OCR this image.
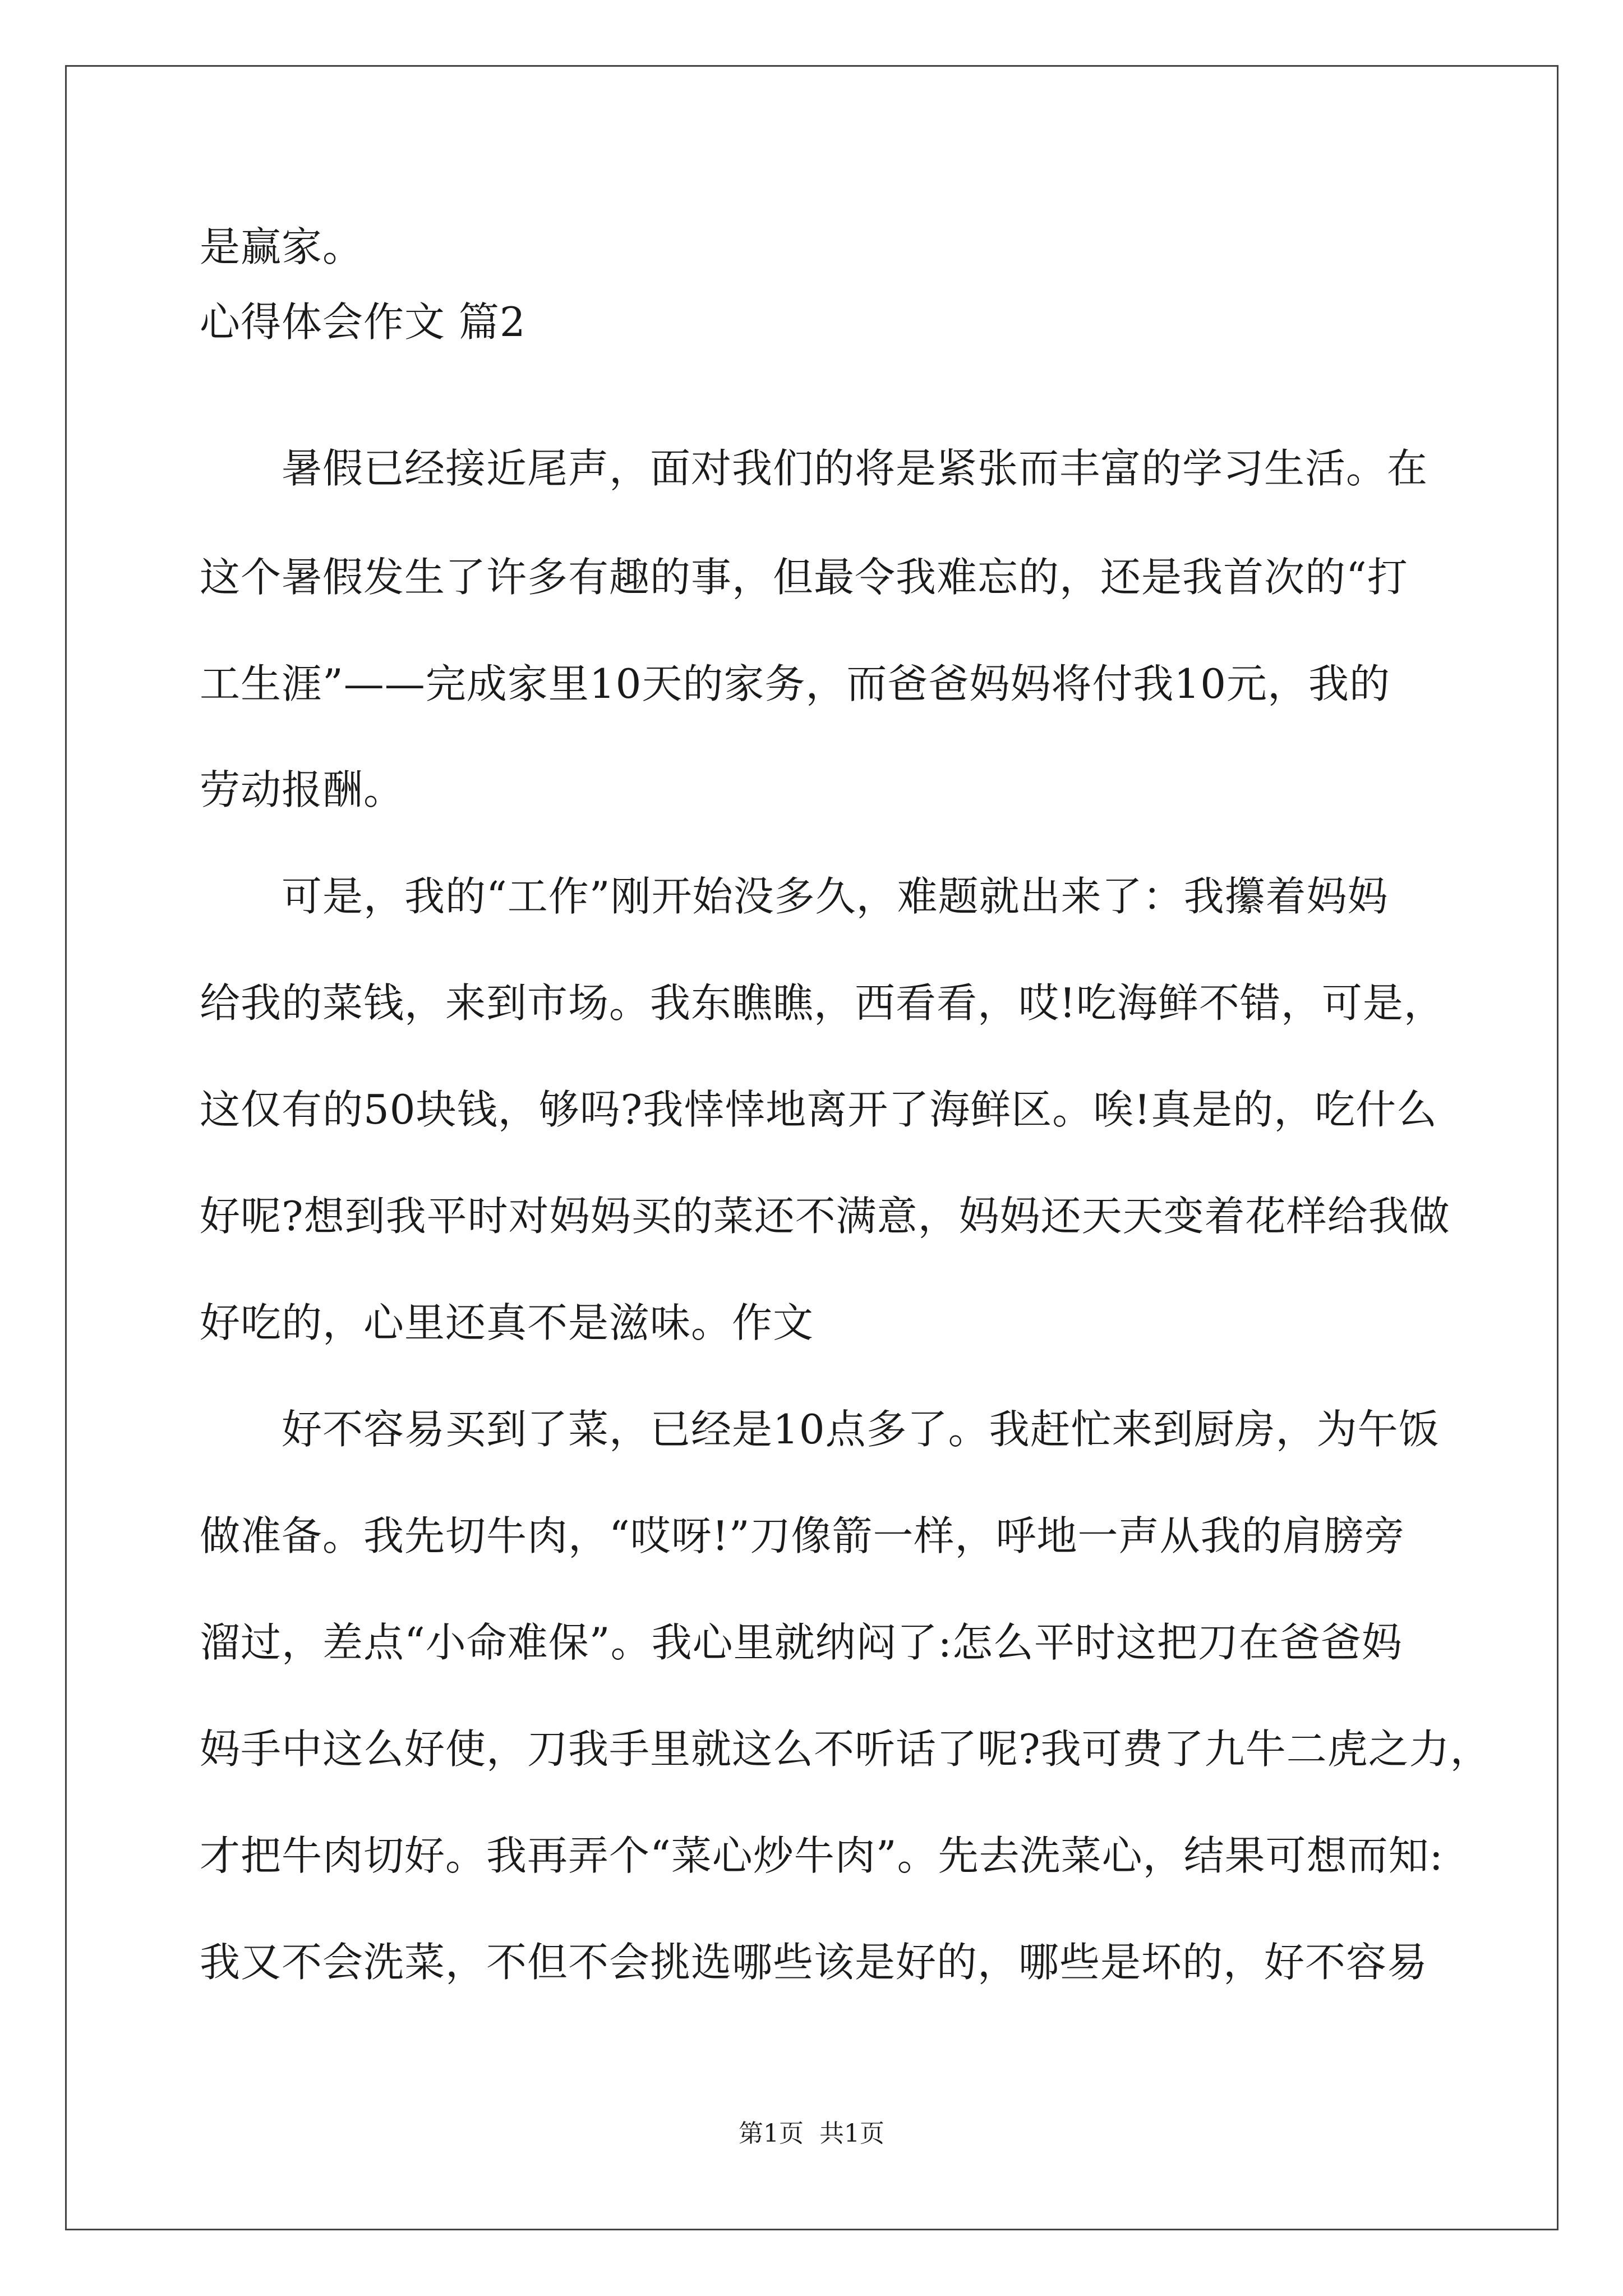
是赢家。
心得体会作文 篇2
　　暑假已经接近尾声，面对我们的将是紧张而丰富的学习生活。在
这个暑假发生了许多有趣的事，但最令我难忘的，还是我首次的“打
工生涯”——完成家里10天的家务，而爸爸妈妈将付我10元，我的
劳动报酬。
　　可是，我的“工作”刚开始没多久，难题就出来了：我攥着妈妈
给我的菜钱，来到市场。我东瞧瞧，西看看，哎!吃海鲜不错，可是，
这仅有的50块钱，够吗?我悻悻地离开了海鲜区。唉!真是的，吃什么
好呢?想到我平时对妈妈买的菜还不满意，妈妈还天天变着花样给我做
好吃的，心里还真不是滋味。作文
　　好不容易买到了菜，已经是10点多了。我赶忙来到厨房，为午饭
做准备。我先切牛肉，“哎呀!”刀像箭一样，呼地一声从我的肩膀旁
溜过，差点“小命难保”。我心里就纳闷了:怎么平时这把刀在爸爸妈
妈手中这么好使，刀我手里就这么不听话了呢?我可费了九牛二虎之力，
才把牛肉切好。我再弄个“菜心炒牛肉”。先去洗菜心，结果可想而知:
我又不会洗菜，不但不会挑选哪些该是好的，哪些是坏的，好不容易
第1页 共1页
